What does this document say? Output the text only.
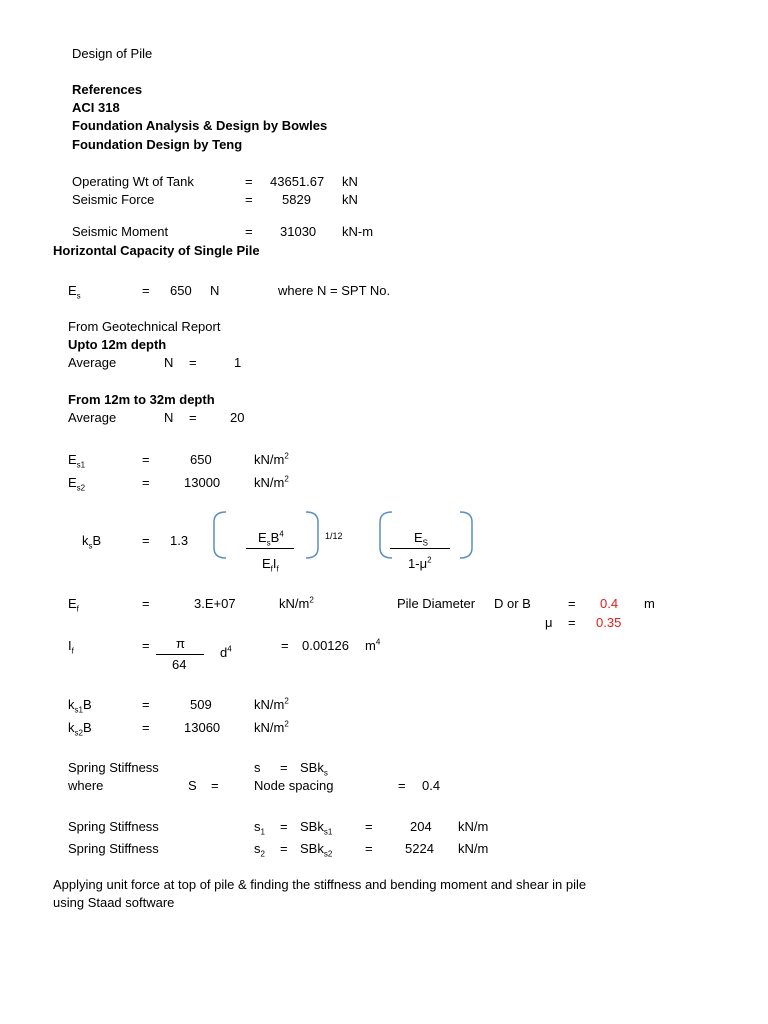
Design of Pile
References
ACI 318
Foundation Analysis & Design by Bowles
Foundation Design by Teng
Operating Wt of Tank	= 43651.67 kN
Seismic Force	= 5829 kN
Seismic Moment	= 31030 kN-m
Horizontal Capacity of Single Pile
$E_s$	= 650 N	where N = SPT No.
From Geotechnical Report
Upto 12m depth
Average	N =	1
From 12m to 32m depth
Average	N =	20
$E_{s1}$	=	650	$kN/m^2$
$E_{s2}$	=	13000	$kN/m^2$
$k_sB$	= 1.3	$E_sB^4$
$E_fI_f$
1/12	$E_S$
$1-\mu^2$
$E_f$	=	3.E+07	$kN/m^2$	Pile Diameter D or B	= 0.4 m
μ = 0.35
$I_f$	= π
64
$d^4$	= 0.00126 $m^4$
$k_{s1}B$	=	509	$kN/m^2$
$k_{s2}B$	=	13060	$kN/m^2$
Spring Stiffness	s = SBk$_s$
where	S =	Node spacing	= 0.4
Spring Stiffness	$s_1 = SBk_{s1}$	=	204 kN/m
Spring Stiffness	$s_2 = SBk_{s2}$	= 5224 kN/m
Applying unit force at top of pile & finding the stiffness and bending moment and shear in pile
using Staad software
